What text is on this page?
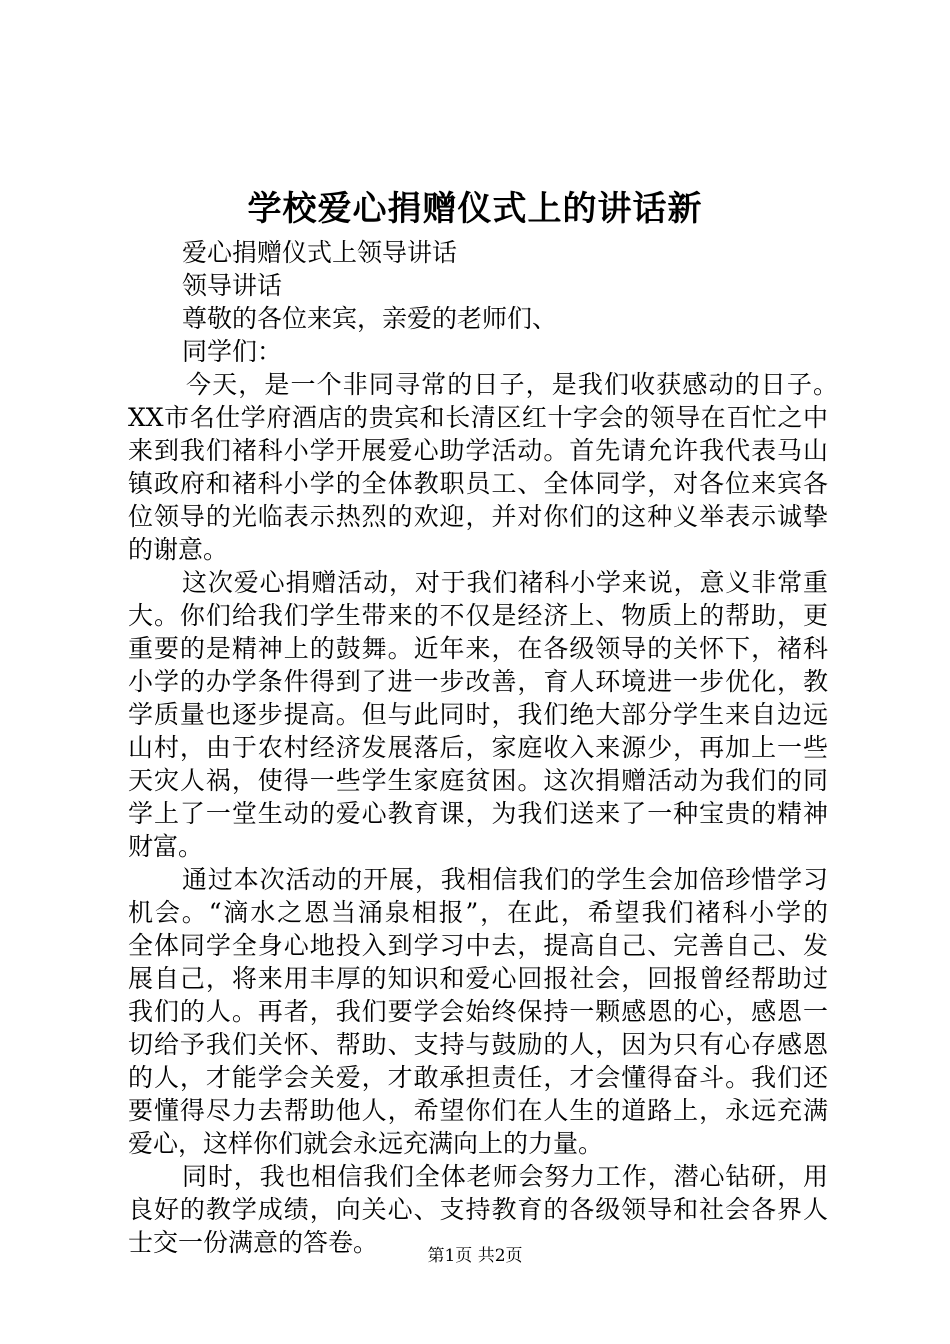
学校爱心捐赠仪式上的讲话新
爱心捐赠仪式上领导讲话
领导讲话
尊敬的各位来宾，亲爱的老师们、
同学们：
今天，是一个非同寻常的日子，是我们收获感动的日子。
XX市名仕学府酒店的贵宾和长清区红十字会的领导在百忙之中
来到我们褚科小学开展爱心助学活动。首先请允许我代表马山
镇政府和褚科小学的全体教职员工、全体同学，对各位来宾各
位领导的光临表示热烈的欢迎，并对你们的这种义举表示诚挚
的谢意。
这次爱心捐赠活动，对于我们褚科小学来说，意义非常重
大。你们给我们学生带来的不仅是经济上、物质上的帮助，更
重要的是精神上的鼓舞。近年来，在各级领导的关怀下，褚科
小学的办学条件得到了进一步改善，育人环境进一步优化，教
学质量也逐步提高。但与此同时，我们绝大部分学生来自边远
山村，由于农村经济发展落后，家庭收入来源少，再加上一些
天灾人祸，使得一些学生家庭贫困。这次捐赠活动为我们的同
学上了一堂生动的爱心教育课，为我们送来了一种宝贵的精神
财富。
通过本次活动的开展，我相信我们的学生会加倍珍惜学习
机会。“滴水之恩当涌泉相报”，在此，希望我们褚科小学的
全体同学全身心地投入到学习中去，提高自己、完善自己、发
展自己，将来用丰厚的知识和爱心回报社会，回报曾经帮助过
我们的人。再者，我们要学会始终保持一颗感恩的心，感恩一
切给予我们关怀、帮助、支持与鼓励的人，因为只有心存感恩
的人，才能学会关爱，才敢承担责任，才会懂得奋斗。我们还
要懂得尽力去帮助他人，希望你们在人生的道路上，永远充满
爱心，这样你们就会永远充满向上的力量。
同时，我也相信我们全体老师会努力工作，潜心钻研，用
良好的教学成绩，向关心、支持教育的各级领导和社会各界人
士交一份满意的答卷。	第1页 共2页
